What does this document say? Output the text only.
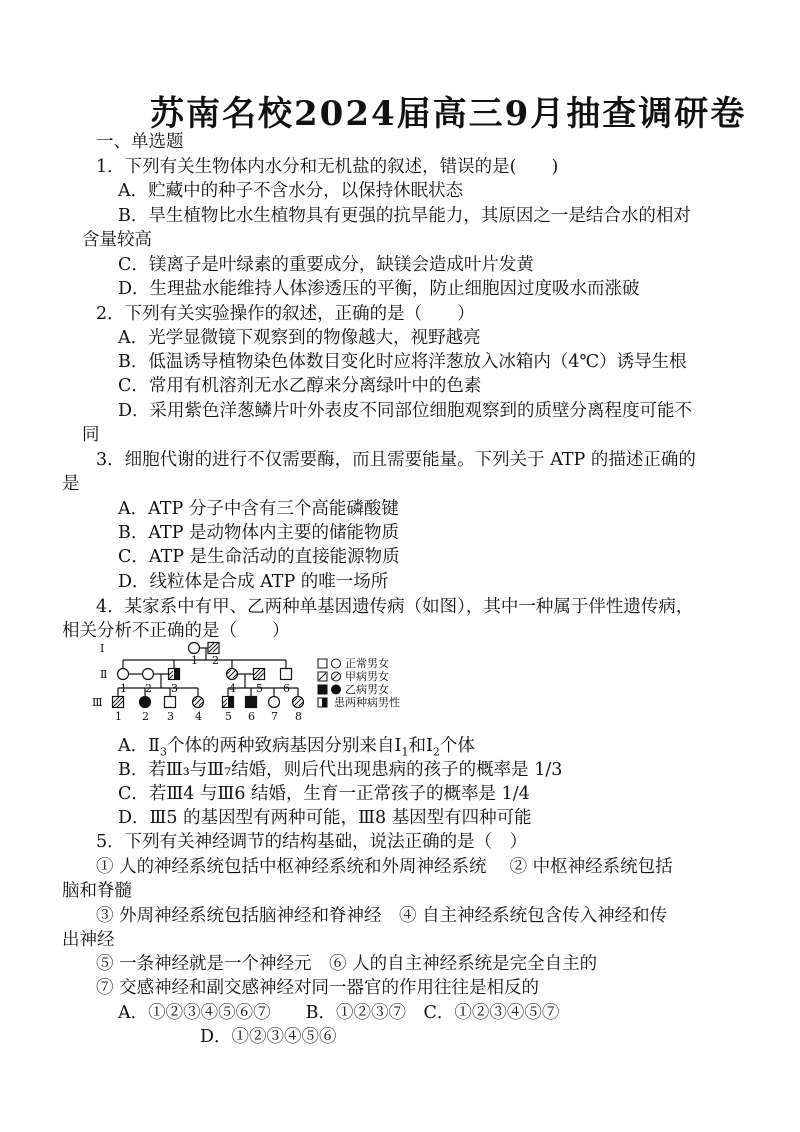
苏南名校2024届高三9月抽查调研卷
一、单选题
1．下列有关生物体内水分和无机盐的叙述，错误的是(　　)
A．贮藏中的种子不含水分，以保持休眠状态
B．旱生植物比水生植物具有更强的抗旱能力，其原因之一是结合水的相对
含量较高
C．镁离子是叶绿素的重要成分，缺镁会造成叶片发黄
D．生理盐水能维持人体渗透压的平衡，防止细胞因过度吸水而涨破
2．下列有关实验操作的叙述，正确的是（　　）
A．光学显微镜下观察到的物像越大，视野越亮
B．低温诱导植物染色体数目变化时应将洋葱放入冰箱内（4℃）诱导生根
C．常用有机溶剂无水乙醇来分离绿叶中的色素
D．采用紫色洋葱鳞片叶外表皮不同部位细胞观察到的质壁分离程度可能不
同
3．细胞代谢的进行不仅需要酶，而且需要能量。下列关于 ATP 的描述正确的
是
A．ATP 分子中含有三个高能磷酸键
B．ATP 是动物体内主要的储能物质
C．ATP 是生命活动的直接能源物质
D．线粒体是合成 ATP 的唯一场所
4．某家系中有甲、乙两种单基因遗传病（如图），其中一种属于伴性遗传病，
相关分析不正确的是（　　）
I
Ⅱ
Ⅲ
1 2
1 2 3	4 5 6
1 2 3 4 5 6 7 8
正常男女
甲病男女
乙病男女
患两种病男性
A．$Ⅱ_3$个体的两种致病基因分别来自$I_1$和$I_2$个体
B．若Ⅲ₃与Ⅲ₇结婚，则后代出现患病的孩子的概率是 1/3
C．若Ⅲ4 与Ⅲ6 结婚，生育一正常孩子的概率是 1/4
D．Ⅲ5 的基因型有两种可能，Ⅲ8 基因型有四种可能
5．下列有关神经调节的结构基础，说法正确的是（　）
① 人的神经系统包括中枢神经系统和外周神经系统　 ② 中枢神经系统包括
脑和脊髓
③ 外周神经系统包括脑神经和脊神经　④ 自主神经系统包含传入神经和传
出神经
⑤ 一条神经就是一个神经元　⑥ 人的自主神经系统是完全自主的
⑦ 交感神经和副交感神经对同一器官的作用往往是相反的
A．①②③④⑤⑥⑦　　B．①②③⑦　C．①②③④⑤⑦
D．①②③④⑤⑥
